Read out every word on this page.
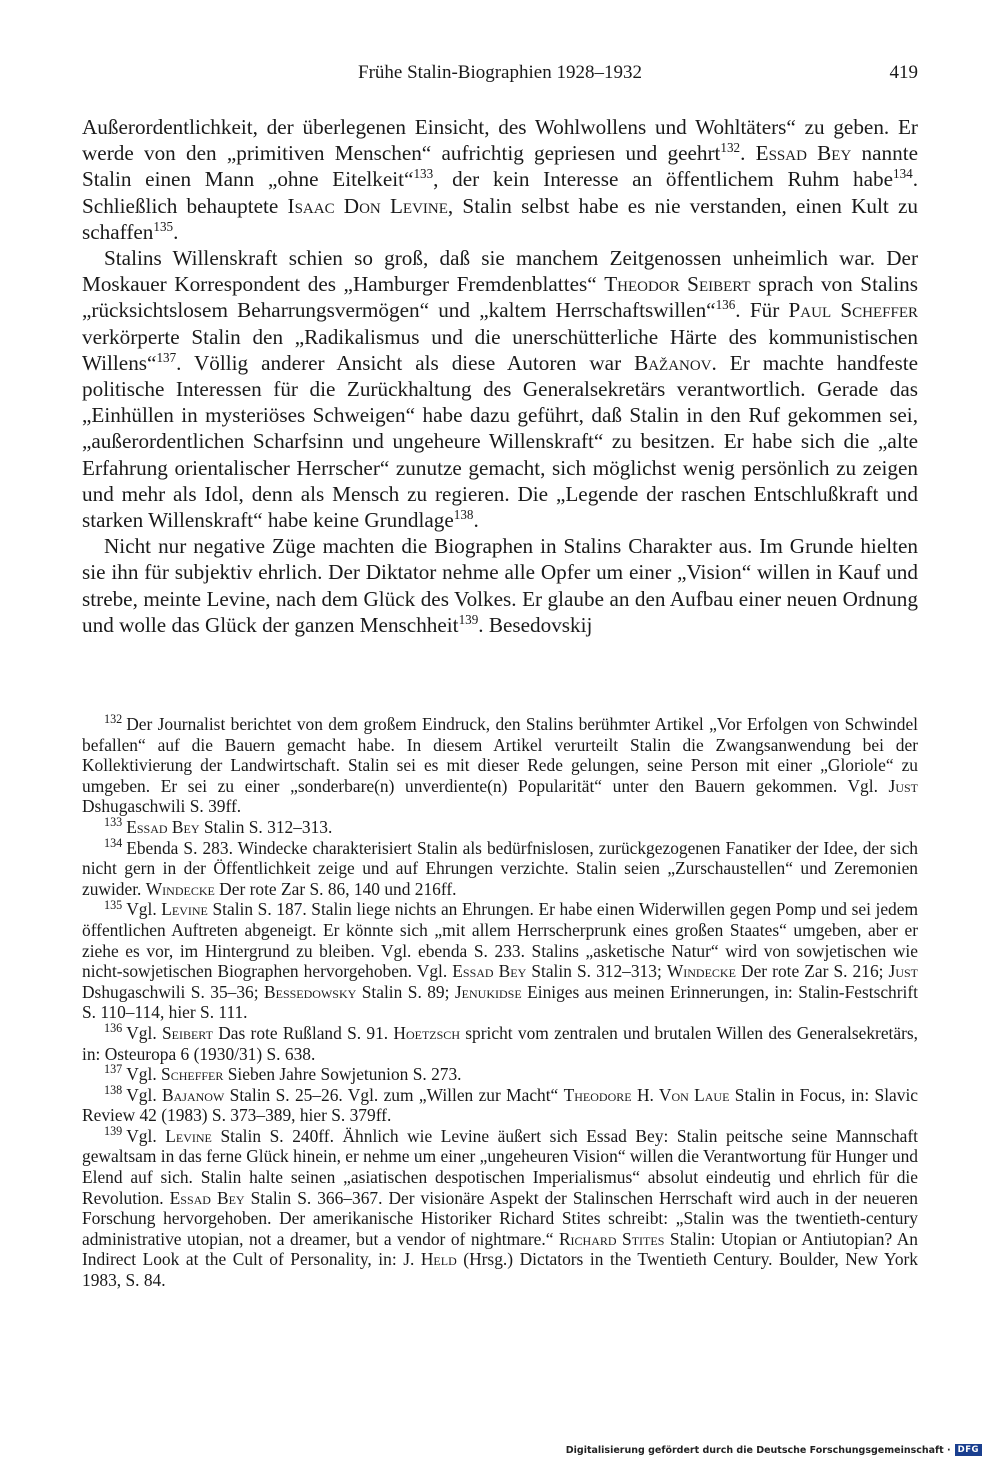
Frühe Stalin-Biographien 1928–1932	419

Außerordentlichkeit, der überlegenen Einsicht, des Wohlwollens und Wohltäters“ zu geben. Er werde von den „primitiven Menschen“ aufrichtig gepriesen und geehrt$^{132}$. Essad Bey nannte Stalin einen Mann „ohne Eitelkeit“$^{133}$, der kein Interesse an öffentlichem Ruhm habe$^{134}$. Schließlich behauptete Isaac Don Levine, Stalin selbst habe es nie verstanden, einen Kult zu schaffen$^{135}$.

Stalins Willenskraft schien so groß, daß sie manchem Zeitgenossen unheimlich war. Der Moskauer Korrespondent des „Hamburger Fremdenblattes“ Theodor Seibert sprach von Stalins „rücksichtslosem Beharrungsvermögen“ und „kaltem Herrschaftswillen“$^{136}$. Für Paul Scheffer verkörperte Stalin den „Radikalismus und die unerschütterliche Härte des kommunistischen Willens“$^{137}$. Völlig anderer Ansicht als diese Autoren war Bažanov. Er machte handfeste politische Interessen für die Zurückhaltung des Generalsekretärs verantwortlich. Gerade das „Einhüllen in mysteriöses Schweigen“ habe dazu geführt, daß Stalin in den Ruf gekommen sei, „außerordentlichen Scharfsinn und ungeheure Willenskraft“ zu besitzen. Er habe sich die „alte Erfahrung orientalischer Herrscher“ zunutze gemacht, sich möglichst wenig persönlich zu zeigen und mehr als Idol, denn als Mensch zu regieren. Die „Legende der raschen Entschlußkraft und starken Willenskraft“ habe keine Grundlage$^{138}$.

Nicht nur negative Züge machten die Biographen in Stalins Charakter aus. Im Grunde hielten sie ihn für subjektiv ehrlich. Der Diktator nehme alle Opfer um einer „Vision“ willen in Kauf und strebe, meinte Levine, nach dem Glück des Volkes. Er glaube an den Aufbau einer neuen Ordnung und wolle das Glück der ganzen Menschheit$^{139}$. Besedovskij

$^{132}$ Der Journalist berichtet von dem großem Eindruck, den Stalins berühmter Artikel „Vor Erfolgen von Schwindel befallen“ auf die Bauern gemacht habe. In diesem Artikel verurteilt Stalin die Zwangsanwendung bei der Kollektivierung der Landwirtschaft. Stalin sei es mit dieser Rede gelungen, seine Person mit einer „Gloriole“ zu umgeben. Er sei zu einer „sonderbare(n) unverdiente(n) Popularität“ unter den Bauern gekommen. Vgl. Just Dshugaschwili S. 39ff.

$^{133}$ Essad Bey Stalin S. 312–313.

$^{134}$ Ebenda S. 283. Windecke charakterisiert Stalin als bedürfnislosen, zurückgezogenen Fanatiker der Idee, der sich nicht gern in der Öffentlichkeit zeige und auf Ehrungen verzichte. Stalin seien „Zurschaustellen“ und Zeremonien zuwider. Windecke Der rote Zar S. 86, 140 und 216ff.

$^{135}$ Vgl. Levine Stalin S. 187. Stalin liege nichts an Ehrungen. Er habe einen Widerwillen gegen Pomp und sei jedem öffentlichen Auftreten abgeneigt. Er könnte sich „mit allem Herrscherprunk eines großen Staates“ umgeben, aber er ziehe es vor, im Hintergrund zu bleiben. Vgl. ebenda S. 233. Stalins „asketische Natur“ wird von sowjetischen wie nicht-sowjetischen Biographen hervorgehoben. Vgl. Essad Bey Stalin S. 312–313; Windecke Der rote Zar S. 216; Just Dshugaschwili S. 35–36; Bessedowsky Stalin S. 89; Jenukidse Einiges aus meinen Erinnerungen, in: Stalin-Festschrift S. 110–114, hier S. 111.

$^{136}$ Vgl. Seibert Das rote Rußland S. 91. Hoetzsch spricht vom zentralen und brutalen Willen des Generalsekretärs, in: Osteuropa 6 (1930/31) S. 638.

$^{137}$ Vgl. Scheffer Sieben Jahre Sowjetunion S. 273.

$^{138}$ Vgl. Bajanow Stalin S. 25–26. Vgl. zum „Willen zur Macht“ Theodore H. Von Laue Stalin in Focus, in: Slavic Review 42 (1983) S. 373–389, hier S. 379ff.

$^{139}$ Vgl. Levine Stalin S. 240ff. Ähnlich wie Levine äußert sich Essad Bey: Stalin peitsche seine Mannschaft gewaltsam in das ferne Glück hinein, er nehme um einer „ungeheuren Vision“ willen die Verantwortung für Hunger und Elend auf sich. Stalin halte seinen „asiatischen despotischen Imperialismus“ absolut eindeutig und ehrlich für die Revolution. Essad Bey Stalin S. 366–367. Der visionäre Aspekt der Stalinschen Herrschaft wird auch in der neueren Forschung hervorgehoben. Der amerikanische Historiker Richard Stites schreibt: „Stalin was the twentieth-century administrative utopian, not a dreamer, but a vendor of nightmare.“ Richard Stites Stalin: Utopian or Antiutopian? An Indirect Look at the Cult of Personality, in: J. Held (Hrsg.) Dictators in the Twentieth Century. Boulder, New York 1983, S. 84.

Digitalisierung gefördert durch die Deutsche Forschungsgemeinschaft · DFG
